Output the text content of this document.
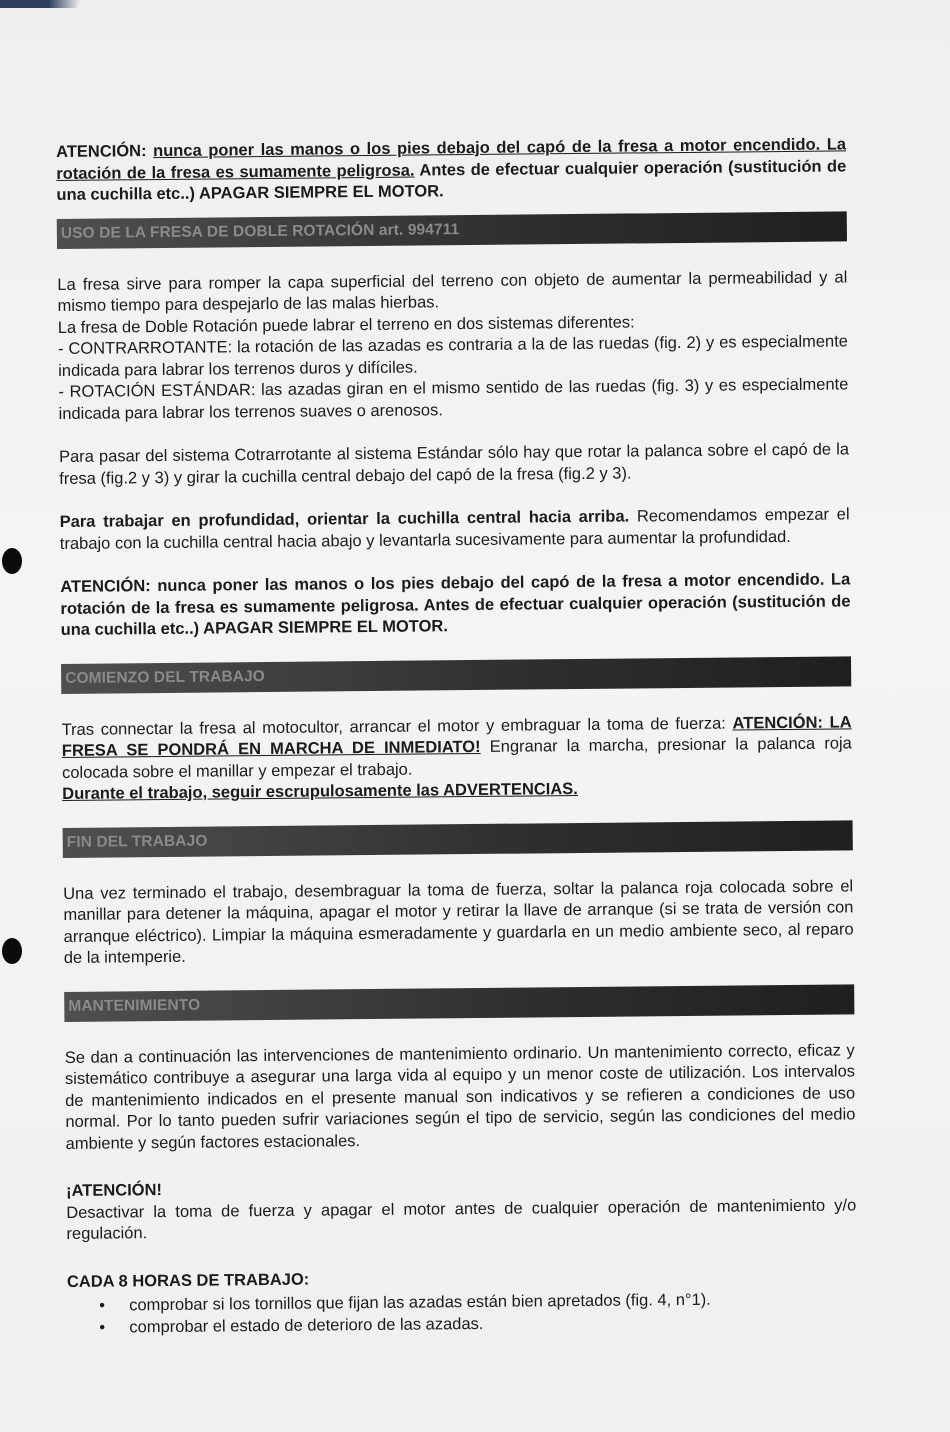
ATENCIÓN: nunca poner las manos o los pies debajo del capó de la fresa a motor encendido. La rotación de la fresa es sumamente peligrosa. Antes de efectuar cualquier operación (sustitución de una cuchilla etc..) APAGAR SIEMPRE EL MOTOR.

USO DE LA FRESA DE DOBLE ROTACIÓN art. 994711

La fresa sirve para romper la capa superficial del terreno con objeto de aumentar la permeabilidad y al mismo tiempo para despejarlo de las malas hierbas.

La fresa de Doble Rotación puede labrar el terreno en dos sistemas diferentes:

- CONTRARROTANTE: la rotación de las azadas es contraria a la de las ruedas (fig. 2) y es especialmente indicada para labrar los terrenos duros y difíciles.

- ROTACIÓN ESTÁNDAR: las azadas giran en el mismo sentido de las ruedas (fig. 3) y es especialmente indicada para labrar los terrenos suaves o arenosos.

Para pasar del sistema Cotrarrotante al sistema Estándar sólo hay que rotar la palanca sobre el capó de la fresa (fig.2 y 3) y girar la cuchilla central debajo del capó de la fresa (fig.2 y 3).

Para trabajar en profundidad, orientar la cuchilla central hacia arriba. Recomendamos empezar el trabajo con la cuchilla central hacia abajo y levantarla sucesivamente para aumentar la profundidad.

ATENCIÓN: nunca poner las manos o los pies debajo del capó de la fresa a motor encendido. La rotación de la fresa es sumamente peligrosa. Antes de efectuar cualquier operación (sustitución de una cuchilla etc..) APAGAR SIEMPRE EL MOTOR.

COMIENZO DEL TRABAJO

Tras connectar la fresa al motocultor, arrancar el motor y embraguar la toma de fuerza: ATENCIÓN: LA FRESA SE PONDRÁ EN MARCHA DE INMEDIATO! Engranar la marcha, presionar la palanca roja colocada sobre el manillar y empezar el trabajo.

Durante el trabajo, seguir escrupulosamente las ADVERTENCIAS.

FIN DEL TRABAJO

Una vez terminado el trabajo, desembraguar la toma de fuerza, soltar la palanca roja colocada sobre el manillar para detener la máquina, apagar el motor y retirar la llave de arranque (si se trata de versión con arranque eléctrico). Limpiar la máquina esmeradamente y guardarla en un medio ambiente seco, al reparo de la intemperie.

MANTENIMIENTO

Se dan a continuación las intervenciones de mantenimiento ordinario. Un mantenimiento correcto, eficaz y sistemático contribuye a asegurar una larga vida al equipo y un menor coste de utilización. Los intervalos de mantenimiento indicados en el presente manual son indicativos y se refieren a condiciones de uso normal. Por lo tanto pueden sufrir variaciones según el tipo de servicio, según las condiciones del medio ambiente y según factores estacionales.

¡ATENCIÓN!

Desactivar la toma de fuerza y apagar el motor antes de cualquier operación de mantenimiento y/o regulación.

CADA 8 HORAS DE TRABAJO:

• comprobar si los tornillos que fijan las azadas están bien apretados (fig. 4, n°1).
• comprobar el estado de deterioro de las azadas.
